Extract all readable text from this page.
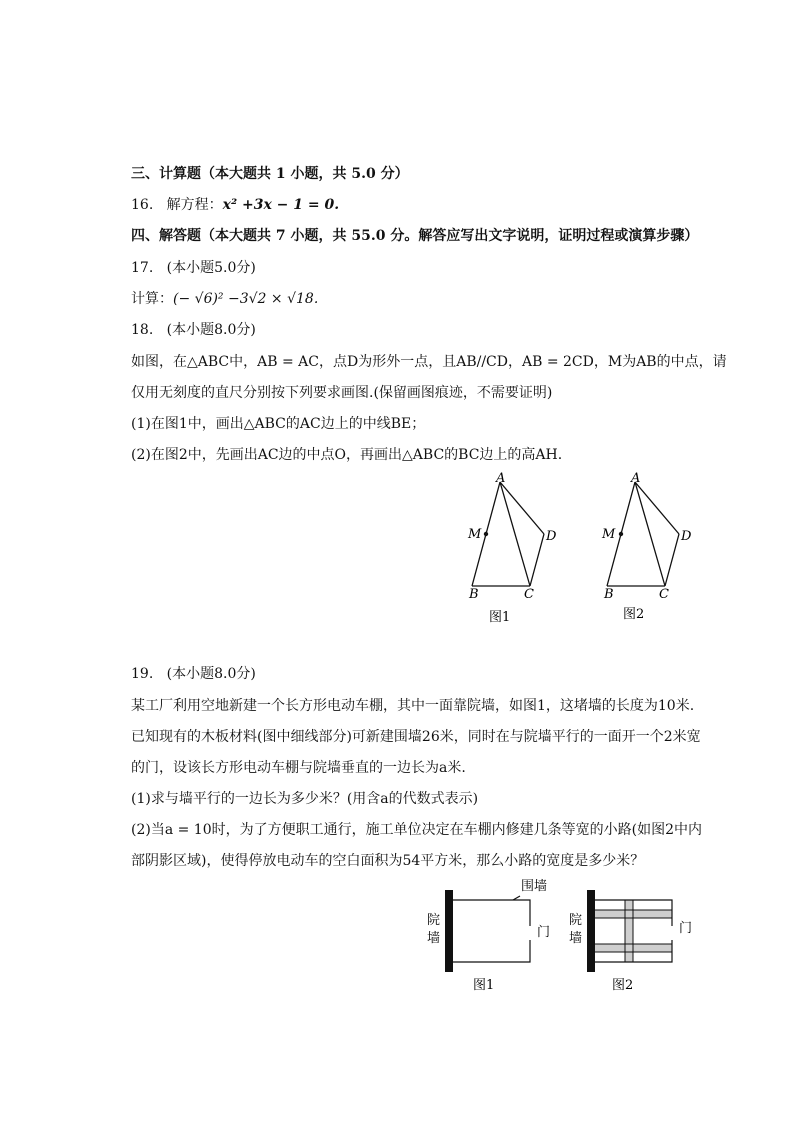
三、计算题（本大题共 1 小题，共 5.0 分）
16. 解方程：x² +3x − 1 = 0.
四、解答题（本大题共 7 小题，共 55.0 分。解答应写出文字说明，证明过程或演算步骤）
17. (本小题5.0分)
计算：(− √6)² −3√2 × √18.
18. (本小题8.0分)
如图，在△ABC中，AB = AC，点D为形外一点，且AB//CD，AB = 2CD，M为AB的中点，请
仅用无刻度的直尺分别按下列要求画图.(保留画图痕迹，不需要证明)
(1)在图1中，画出△ABC的AC边上的中线BE；
(2)在图2中，先画出AC边的中点O，再画出△ABC的BC边上的高AH.
A
M	D
B	C
图1
A
M	D
B	C
图2
19. (本小题8.0分)
某工厂利用空地新建一个长方形电动车棚，其中一面靠院墙，如图1，这堵墙的长度为10米.
已知现有的木板材料(图中细线部分)可新建围墙26米，同时在与院墙平行的一面开一个2米宽
的门，设该长方形电动车棚与院墙垂直的一边长为a米.
(1)求与墙平行的一边长为多少米？(用含a的代数式表示)
(2)当a = 10时，为了方便职工通行，施工单位决定在车棚内修建几条等宽的小路(如图2中内
部阴影区域)，使得停放电动车的空白面积为54平方米，那么小路的宽度是多少米？
院
墙
围墙
门
图1
院
墙
门
图2
